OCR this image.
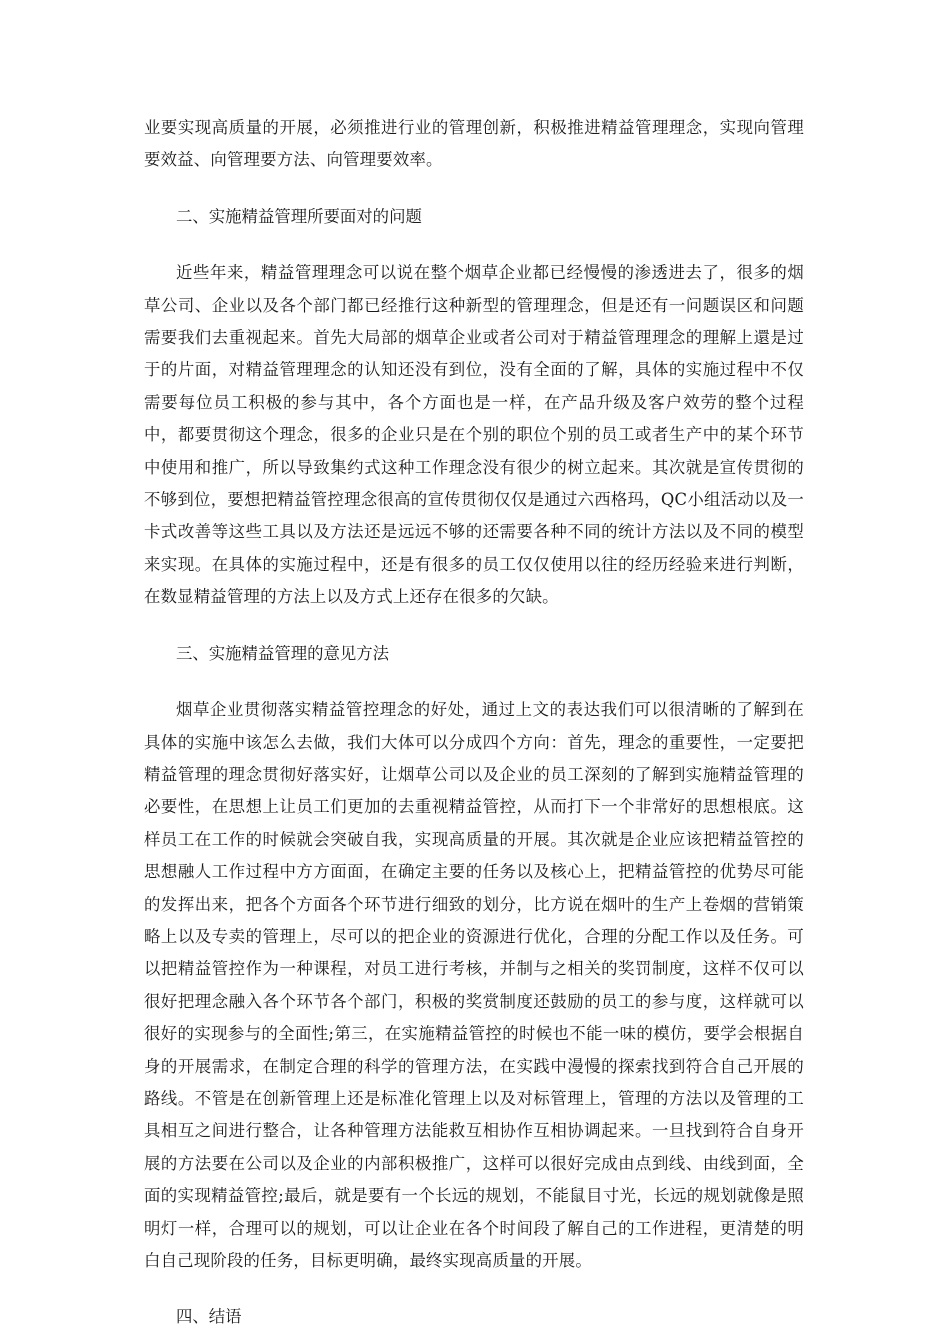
业要实现高质量的开展，必须推进行业的管理创新，积极推进精益管理理念，实现向管理要效益、向管理要方法、向管理要效率。

二、实施精益管理所要面对的问题

近些年来，精益管理理念可以说在整个烟草企业都已经慢慢的渗透进去了，很多的烟草公司、企业以及各个部门都已经推行这种新型的管理理念，但是还有一问题误区和问题需要我们去重视起来。首先大局部的烟草企业或者公司对于精益管理理念的理解上還是过于的片面，对精益管理理念的认知还没有到位，没有全面的了解，具体的实施过程中不仅需要每位员工积极的参与其中，各个方面也是一样，在产品升级及客户效劳的整个过程中，都要贯彻这个理念，很多的企业只是在个别的职位个别的员工或者生产中的某个环节中使用和推广，所以导致集约式这种工作理念没有很少的树立起来。其次就是宣传贯彻的不够到位，要想把精益管控理念很高的宣传贯彻仅仅是通过六西格玛，QC小组活动以及一卡式改善等这些工具以及方法还是远远不够的还需要各种不同的统计方法以及不同的模型来实现。在具体的实施过程中，还是有很多的员工仅仅使用以往的经历经验来进行判断，在数显精益管理的方法上以及方式上还存在很多的欠缺。

三、实施精益管理的意见方法

烟草企业贯彻落实精益管控理念的好处，通过上文的表达我们可以很清晰的了解到在具体的实施中该怎么去做，我们大体可以分成四个方向：首先，理念的重要性，一定要把精益管理的理念贯彻好落实好，让烟草公司以及企业的员工深刻的了解到实施精益管理的必要性，在思想上让员工们更加的去重视精益管控，从而打下一个非常好的思想根底。这样员工在工作的时候就会突破自我，实现高质量的开展。其次就是企业应该把精益管控的思想融人工作过程中方方面面，在确定主要的任务以及核心上，把精益管控的优势尽可能的发挥出来，把各个方面各个环节进行细致的划分，比方说在烟叶的生产上卷烟的营销策略上以及专卖的管理上，尽可以的把企业的资源进行优化，合理的分配工作以及任务。可以把精益管控作为一种课程，对员工进行考核，并制与之相关的奖罚制度，这样不仅可以很好把理念融入各个环节各个部门，积极的奖赏制度还鼓励的员工的参与度，这样就可以很好的实现参与的全面性;第三，在实施精益管控的时候也不能一味的模仿，要学会根据自身的开展需求，在制定合理的科学的管理方法，在实践中漫慢的探索找到符合自己开展的路线。不管是在创新管理上还是标准化管理上以及对标管理上，管理的方法以及管理的工具相互之间进行整合，让各种管理方法能救互相协作互相协调起来。一旦找到符合自身开展的方法要在公司以及企业的内部积极推广，这样可以很好完成由点到线、由线到面，全面的实现精益管控;最后，就是要有一个长远的规划，不能鼠目寸光，长远的规划就像是照明灯一样，合理可以的规划，可以让企业在各个时间段了解自己的工作进程，更清楚的明白自己现阶段的任务，目标更明确，最终实现高质量的开展。

四、结语
